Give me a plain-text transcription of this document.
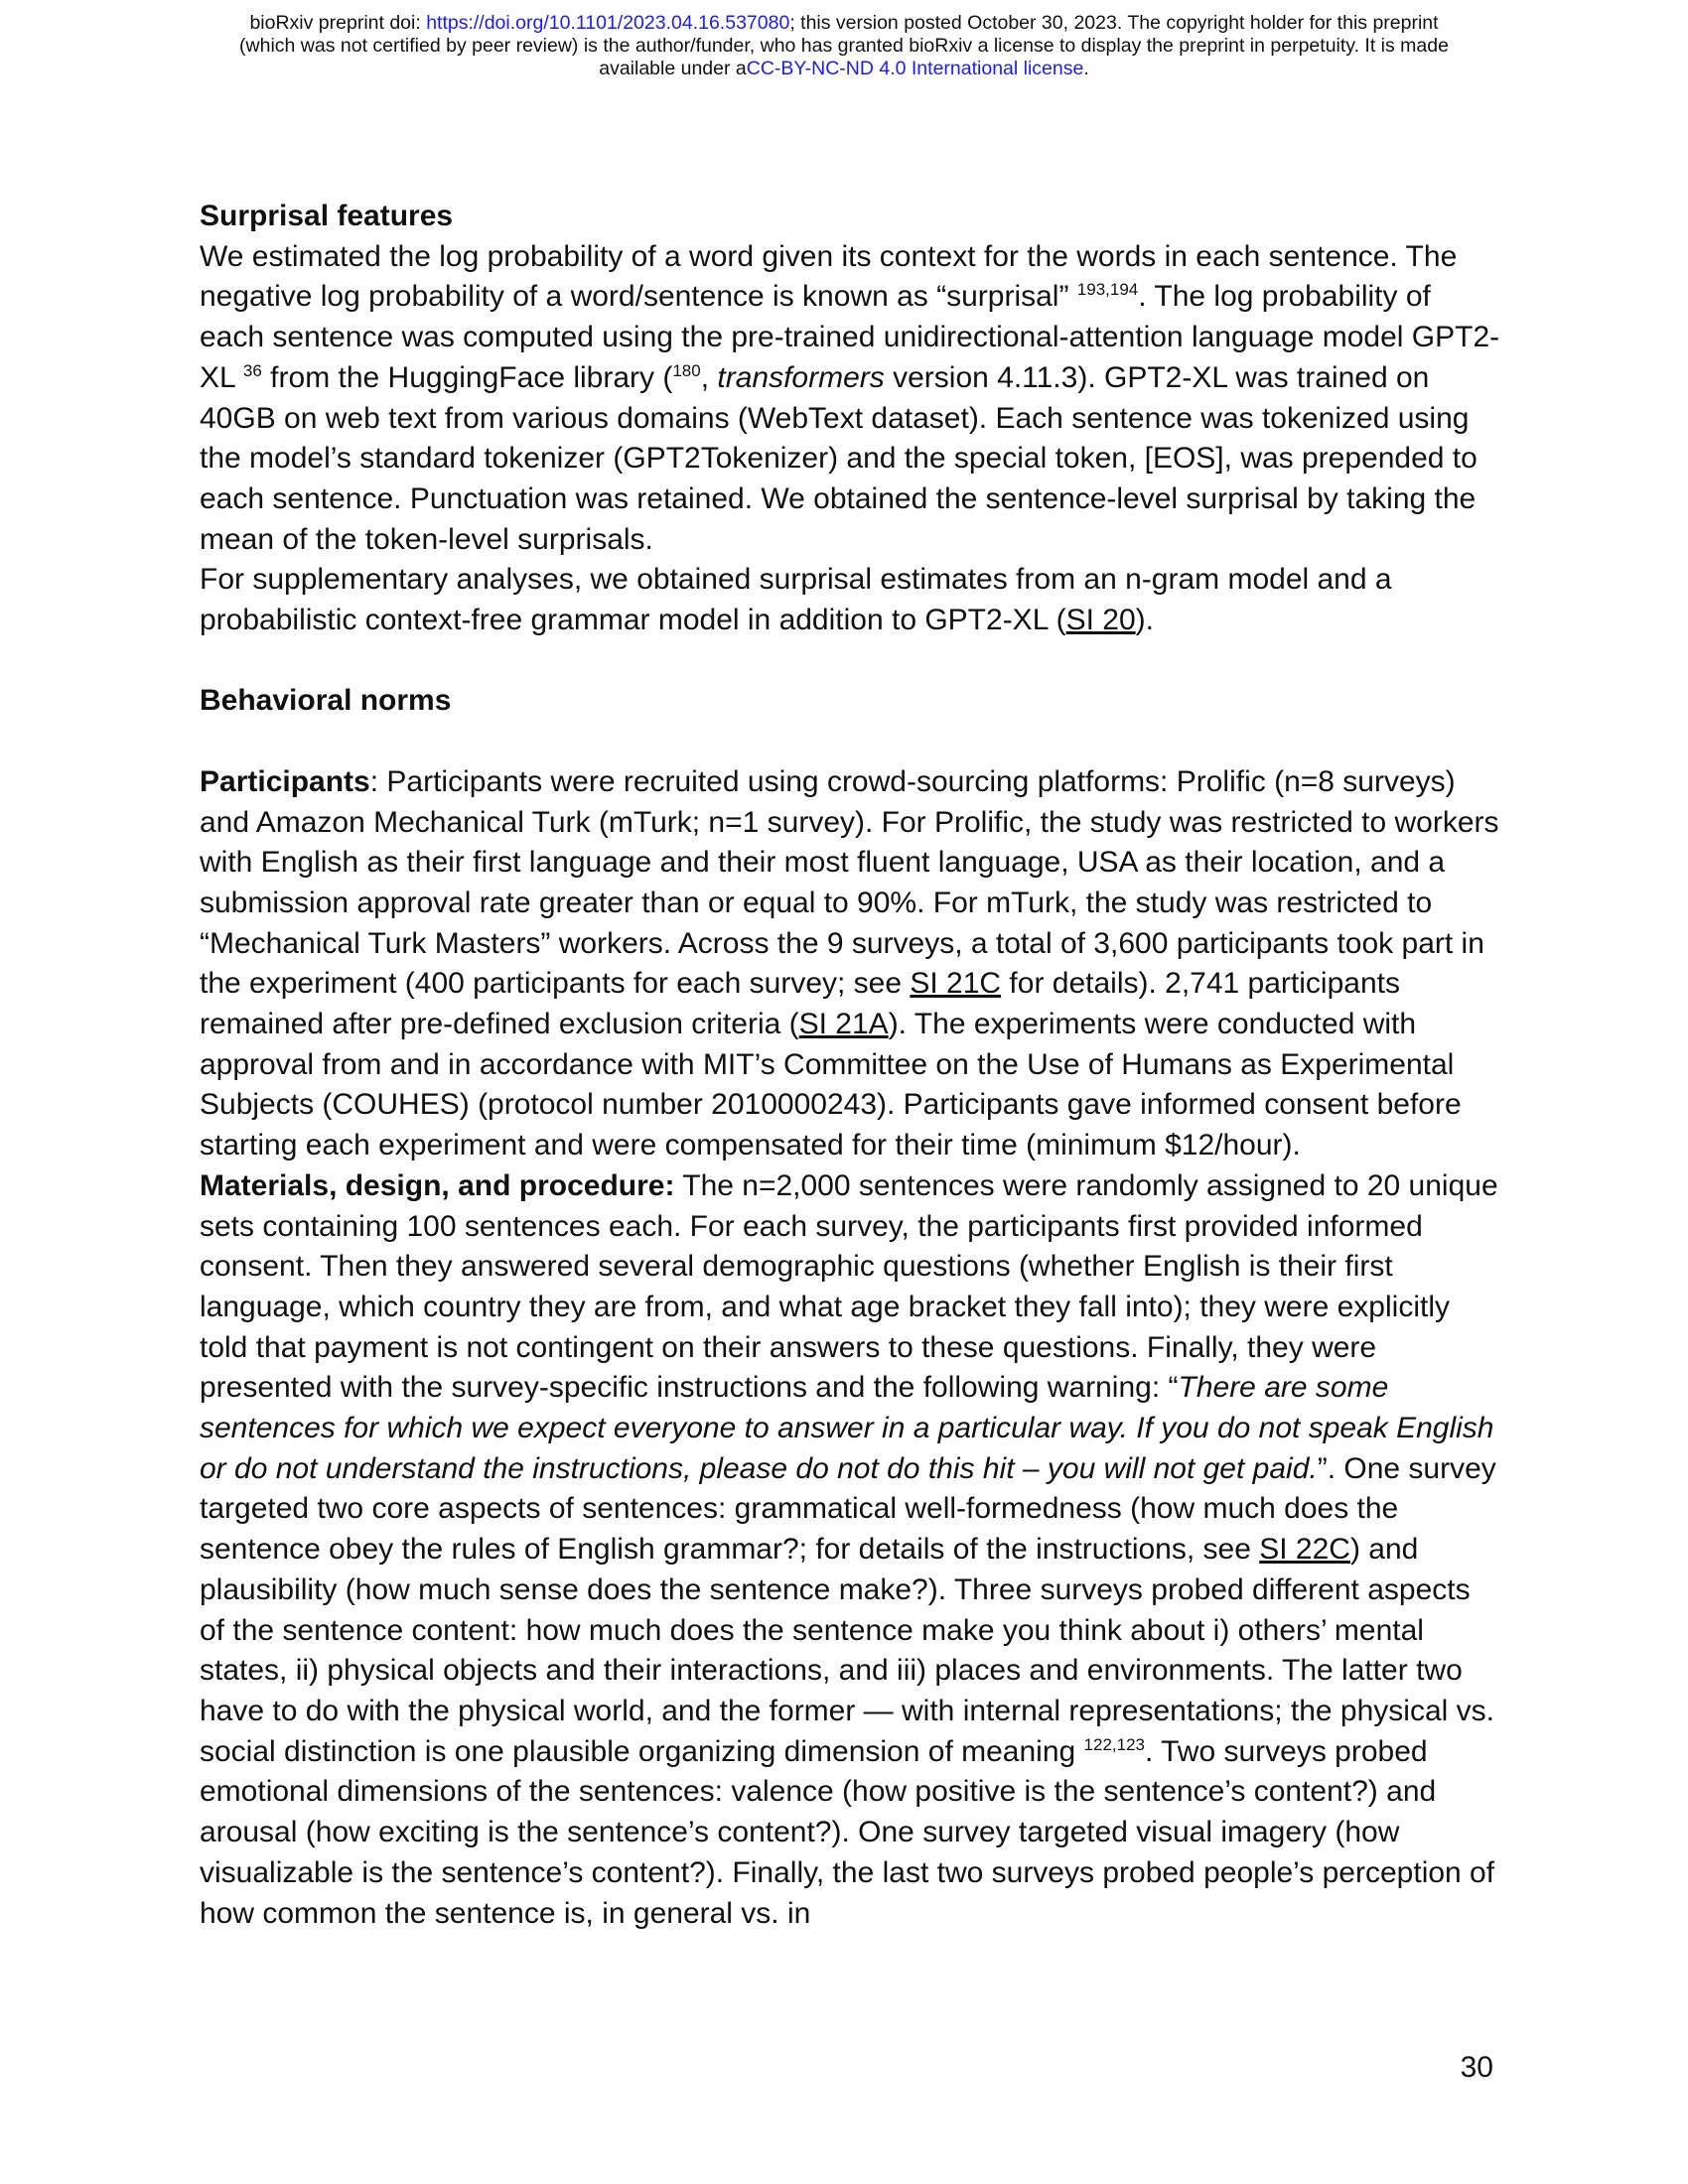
bioRxiv preprint doi: https://doi.org/10.1101/2023.04.16.537080; this version posted October 30, 2023. The copyright holder for this preprint
(which was not certified by peer review) is the author/funder, who has granted bioRxiv a license to display the preprint in perpetuity. It is made
available under aCC-BY-NC-ND 4.0 International license.

Surprisal features

We estimated the log probability of a word given its context for the words in each sentence. The negative log probability of a word/sentence is known as “surprisal” $^{193,194}$. The log probability of each sentence was computed using the pre-trained unidirectional-attention language model GPT2-XL $^{36}$ from the HuggingFace library ($^{180}$, transformers version 4.11.3). GPT2-XL was trained on 40GB on web text from various domains (WebText dataset). Each sentence was tokenized using the model’s standard tokenizer (GPT2Tokenizer) and the special token, [EOS], was prepended to each sentence. Punctuation was retained. We obtained the sentence-level surprisal by taking the mean of the token-level surprisals.

For supplementary analyses, we obtained surprisal estimates from an n-gram model and a probabilistic context-free grammar model in addition to GPT2-XL (SI 20).

Behavioral norms

Participants: Participants were recruited using crowd-sourcing platforms: Prolific (n=8 surveys) and Amazon Mechanical Turk (mTurk; n=1 survey). For Prolific, the study was restricted to workers with English as their first language and their most fluent language, USA as their location, and a submission approval rate greater than or equal to 90%. For mTurk, the study was restricted to “Mechanical Turk Masters” workers. Across the 9 surveys, a total of 3,600 participants took part in the experiment (400 participants for each survey; see SI 21C for details). 2,741 participants remained after pre-defined exclusion criteria (SI 21A). The experiments were conducted with approval from and in accordance with MIT’s Committee on the Use of Humans as Experimental Subjects (COUHES) (protocol number 2010000243). Participants gave informed consent before starting each experiment and were compensated for their time (minimum $12/hour).

Materials, design, and procedure: The n=2,000 sentences were randomly assigned to 20 unique sets containing 100 sentences each. For each survey, the participants first provided informed consent. Then they answered several demographic questions (whether English is their first language, which country they are from, and what age bracket they fall into); they were explicitly told that payment is not contingent on their answers to these questions. Finally, they were presented with the survey-specific instructions and the following warning: “There are some sentences for which we expect everyone to answer in a particular way. If you do not speak English or do not understand the instructions, please do not do this hit – you will not get paid.”. One survey targeted two core aspects of sentences: grammatical well-formedness (how much does the sentence obey the rules of English grammar?; for details of the instructions, see SI 22C) and plausibility (how much sense does the sentence make?). Three surveys probed different aspects of the sentence content: how much does the sentence make you think about i) others’ mental states, ii) physical objects and their interactions, and iii) places and environments. The latter two have to do with the physical world, and the former — with internal representations; the physical vs. social distinction is one plausible organizing dimension of meaning $^{122,123}$. Two surveys probed emotional dimensions of the sentences: valence (how positive is the sentence’s content?) and arousal (how exciting is the sentence’s content?). One survey targeted visual imagery (how visualizable is the sentence’s content?). Finally, the last two surveys probed people’s perception of how common the sentence is, in general vs. in

30
